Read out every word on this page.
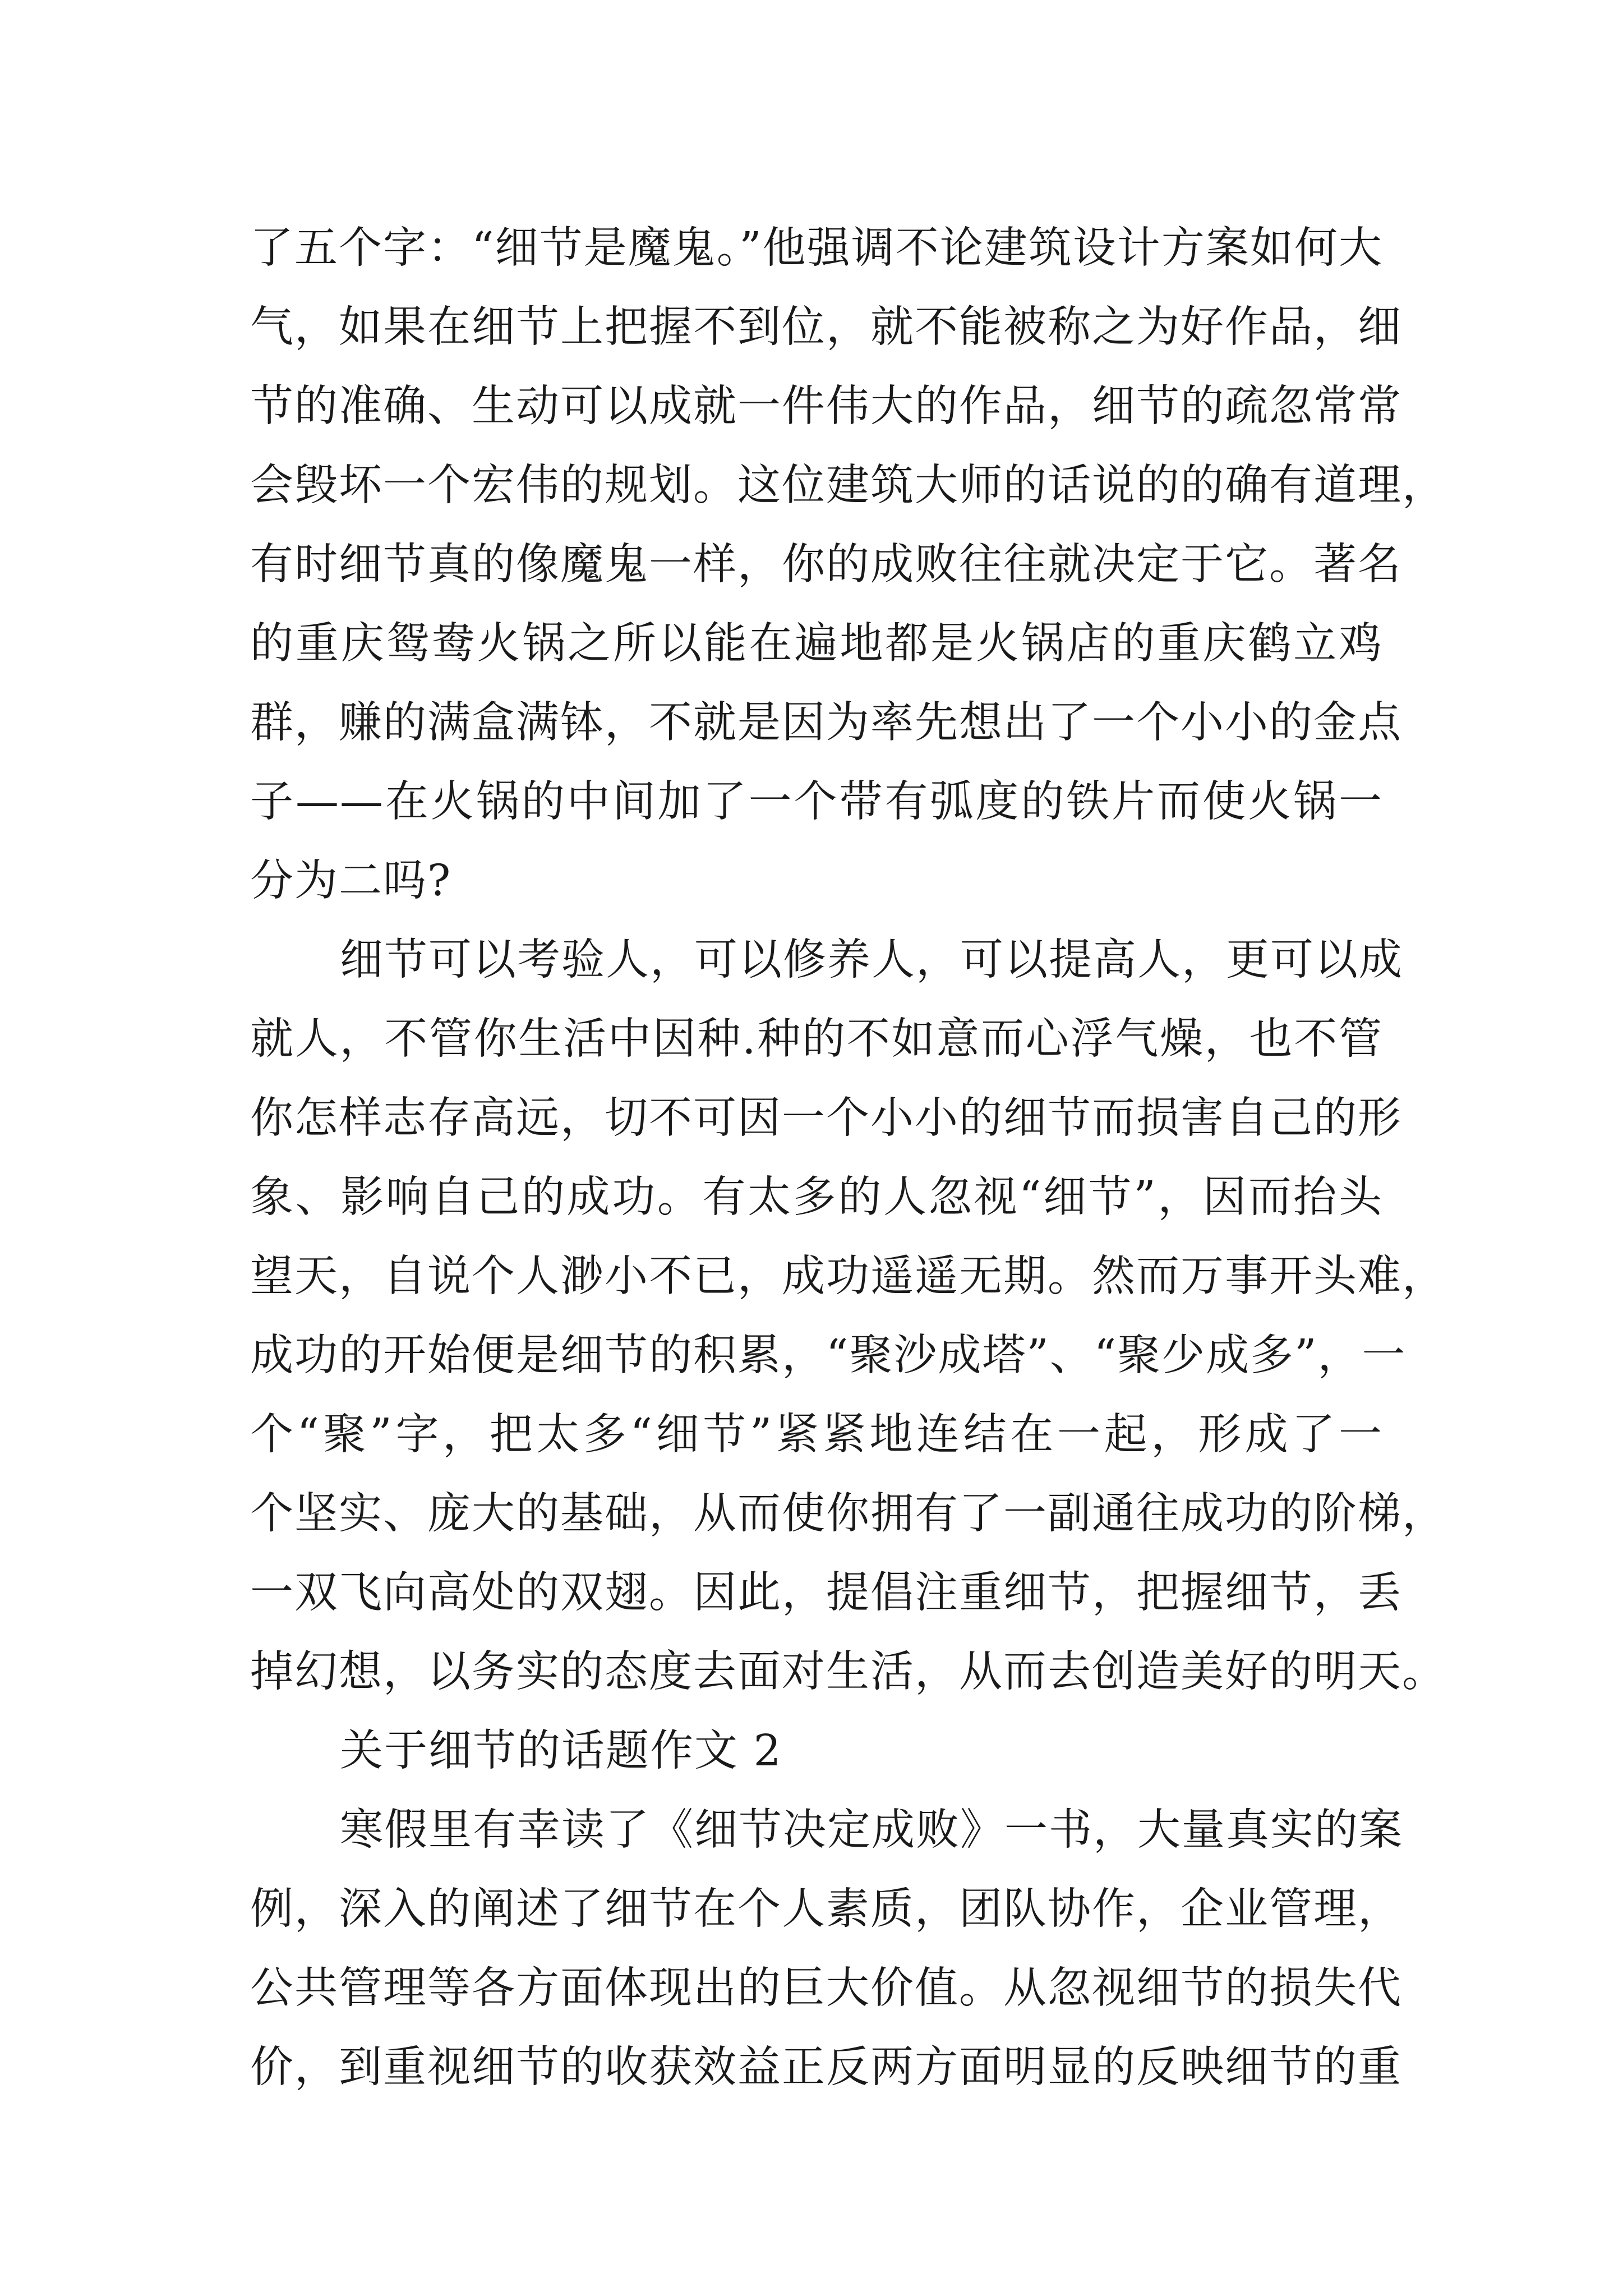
了五个字：“细节是魔鬼。”他强调不论建筑设计方案如何大
气，如果在细节上把握不到位，就不能被称之为好作品，细
节的准确、生动可以成就一件伟大的作品，细节的疏忽常常
会毁坏一个宏伟的规划。这位建筑大师的话说的的确有道理，
有时细节真的像魔鬼一样，你的成败往往就决定于它。著名
的重庆鸳鸯火锅之所以能在遍地都是火锅店的重庆鹤立鸡
群，赚的满盒满钵，不就是因为率先想出了一个小小的金点
子——在火锅的中间加了一个带有弧度的铁片而使火锅一
分为二吗?
细节可以考验人，可以修养人，可以提高人，更可以成
就人，不管你生活中因种.种的不如意而心浮气燥，也不管
你怎样志存高远，切不可因一个小小的细节而损害自己的形
象、影响自己的成功。有太多的人忽视“细节”，因而抬头
望天，自说个人渺小不已，成功遥遥无期。然而万事开头难，
成功的开始便是细节的积累，“聚沙成塔”、“聚少成多”，一
个“聚”字，把太多“细节”紧紧地连结在一起，形成了一
个坚实、庞大的基础，从而使你拥有了一副通往成功的阶梯，
一双飞向高处的双翅。因此，提倡注重细节，把握细节，丢
掉幻想，以务实的态度去面对生活，从而去创造美好的明天。
关于细节的话题作文 2
寒假里有幸读了《细节决定成败》一书，大量真实的案
例，深入的阐述了细节在个人素质，团队协作，企业管理，
公共管理等各方面体现出的巨大价值。从忽视细节的损失代
价，到重视细节的收获效益正反两方面明显的反映细节的重
